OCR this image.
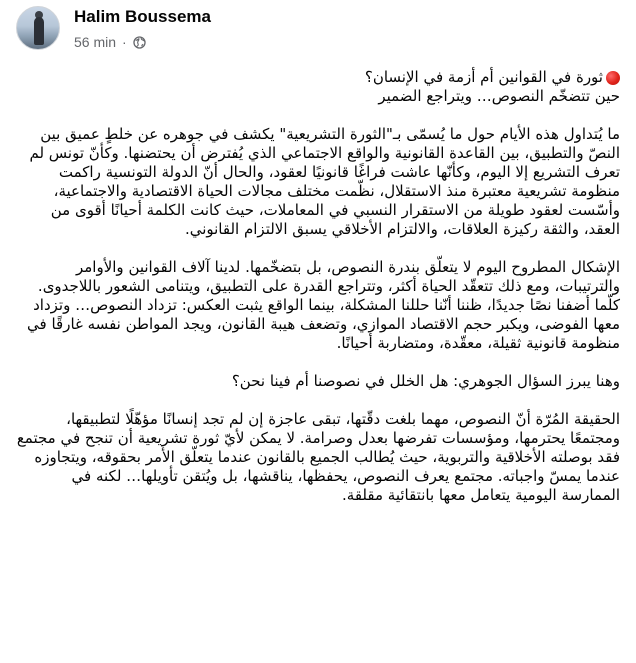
Halim Boussema
56 min ·
ثورة في القوانين أم أزمة في الإنسان؟

حين تتضخّم النصوص… ويتراجع الضمير

ما يُتداول هذه الأيام حول ما يُسمّى بـ"الثورة التشريعية" يكشف في جوهره عن خلطٍ عميق بين النصّ والتطبيق، بين القاعدة القانونية والواقع الاجتماعي الذي يُفترض أن يحتضنها. وكأنّ تونس لم تعرف التشريع إلا اليوم، وكأنّها عاشت فراغًا قانونيًا لعقود، والحال أنّ الدولة التونسية راكمت منظومة تشريعية معتبرة منذ الاستقلال، نظّمت مختلف مجالات الحياة الاقتصادية والاجتماعية، وأسّست لعقود طويلة من الاستقرار النسبي في المعاملات، حيث كانت الكلمة أحيانًا أقوى من العقد، والثقة ركيزة العلاقات، والالتزام الأخلاقي يسبق الالتزام القانوني.

الإشكال المطروح اليوم لا يتعلّق بندرة النصوص، بل بتضخّمها. لدينا آلاف القوانين والأوامر والترتيبات، ومع ذلك تتعقّد الحياة أكثر، وتتراجع القدرة على التطبيق، ويتنامى الشعور باللاجدوى. كلّما أضفنا نصًا جديدًا، ظننا أنّنا حللنا المشكلة، بينما الواقع يثبت العكس: تزداد النصوص… وتزداد معها الفوضى، ويكبر حجم الاقتصاد الموازي، وتضعف هيبة القانون، ويجد المواطن نفسه غارقًا في منظومة قانونية ثقيلة، معقّدة، ومتضاربة أحيانًا.

وهنا يبرز السؤال الجوهري: هل الخلل في نصوصنا أم فينا نحن؟

الحقيقة المُرّة أنّ النصوص، مهما بلغت دقّتها، تبقى عاجزة إن لم تجد إنسانًا مؤهّلًا لتطبيقها، ومجتمعًا يحترمها، ومؤسسات تفرضها بعدل وصرامة. لا يمكن لأيّ ثورة تشريعية أن تنجح في مجتمع فقد بوصلته الأخلاقية والتربوية، حيث يُطالب الجميع بالقانون عندما يتعلّق الأمر بحقوقه، ويتجاوزه عندما يمسّ واجباته. مجتمع يعرف النصوص، يحفظها، يناقشها، بل ويُتقن تأويلها… لكنه في الممارسة اليومية يتعامل معها بانتقائية مقلقة.
